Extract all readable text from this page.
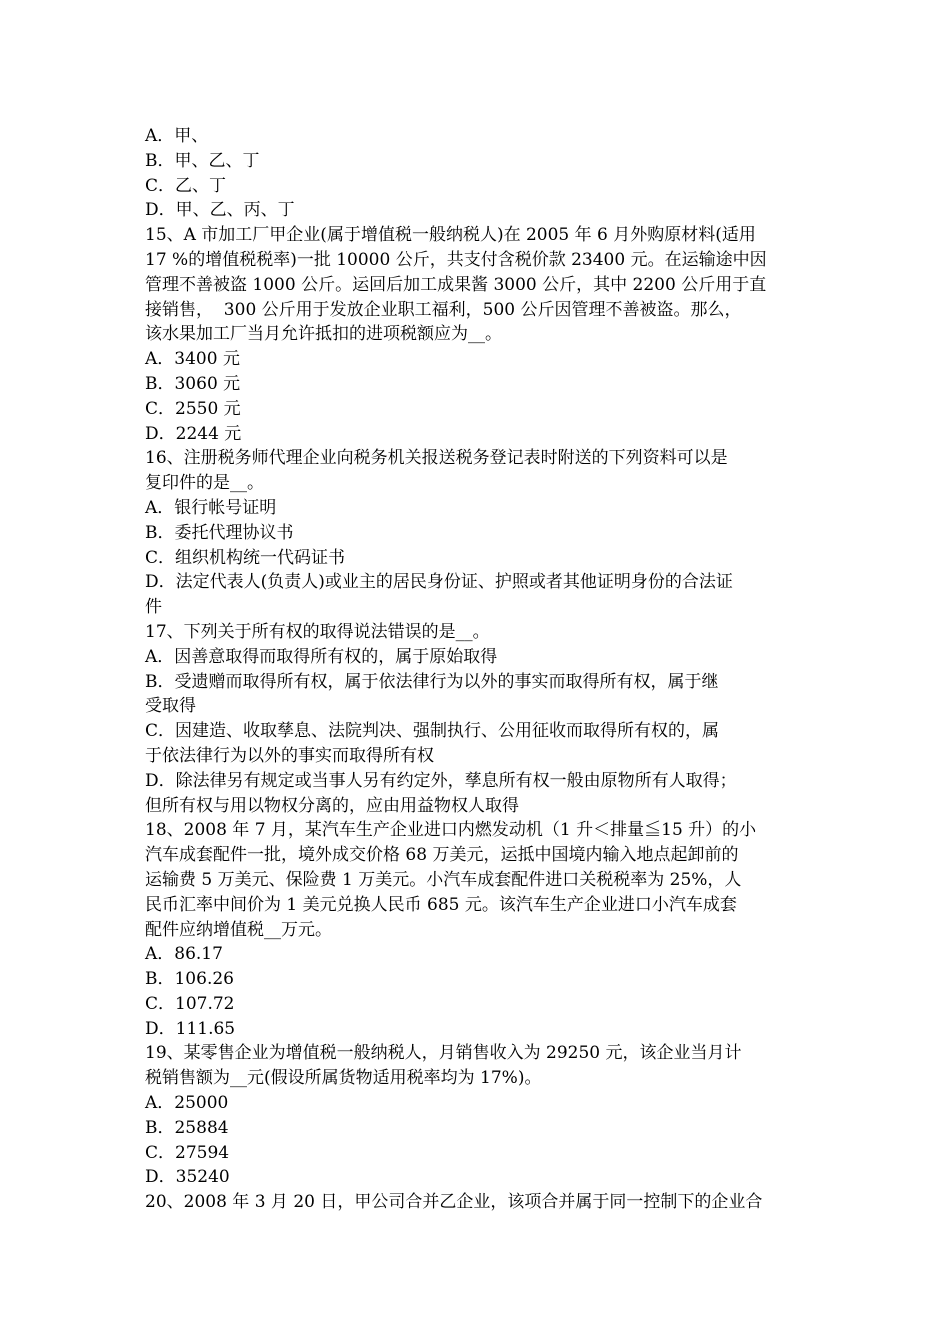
A．甲、

B．甲、乙、丁

C．乙、丁

D．甲、乙、丙、丁

15、A 市加工厂甲企业(属于增值税一般纳税人)在 2005 年 6 月外购原材料(适用

17 %的增值税税率)一批 10000 公斤，共支付含税价款 23400 元。在运输途中因

管理不善被盗 1000 公斤。运回后加工成果酱 3000 公斤，其中 2200 公斤用于直

接销售，  300 公斤用于发放企业职工福利，500 公斤因管理不善被盗。那么，

该水果加工厂当月允许抵扣的进项税额应为__。

A．3400 元

B．3060 元

C．2550 元

D．2244 元

16、注册税务师代理企业向税务机关报送税务登记表时附送的下列资料可以是

复印件的是__。

A．银行帐号证明

B．委托代理协议书

C．组织机构统一代码证书

D．法定代表人(负责人)或业主的居民身份证、护照或者其他证明身份的合法证

件

17、下列关于所有权的取得说法错误的是__。

A．因善意取得而取得所有权的，属于原始取得

B．受遗赠而取得所有权，属于依法律行为以外的事实而取得所有权，属于继

受取得

C．因建造、收取孳息、法院判决、强制执行、公用征收而取得所有权的，属

于依法律行为以外的事实而取得所有权

D．除法律另有规定或当事人另有约定外，孳息所有权一般由原物所有人取得；

但所有权与用以物权分离的，应由用益物权人取得

18、2008 年 7 月，某汽车生产企业进口内燃发动机（1 升＜排量≦15 升）的小

汽车成套配件一批，境外成交价格 68 万美元，运抵中国境内输入地点起卸前的

运输费 5 万美元、保险费 1 万美元。小汽车成套配件进口关税税率为 25%，人

民币汇率中间价为 1 美元兑换人民币 685 元。该汽车生产企业进口小汽车成套

配件应纳增值税__万元。

A．86.17

B．106.26

C．107.72

D．111.65

19、某零售企业为增值税一般纳税人，月销售收入为 29250 元，该企业当月计

税销售额为__元(假设所属货物适用税率均为 17%)。

A．25000

B．25884

C．27594

D．35240

20、2008 年 3 月 20 日，甲公司合并乙企业，该项合并属于同一控制下的企业合
